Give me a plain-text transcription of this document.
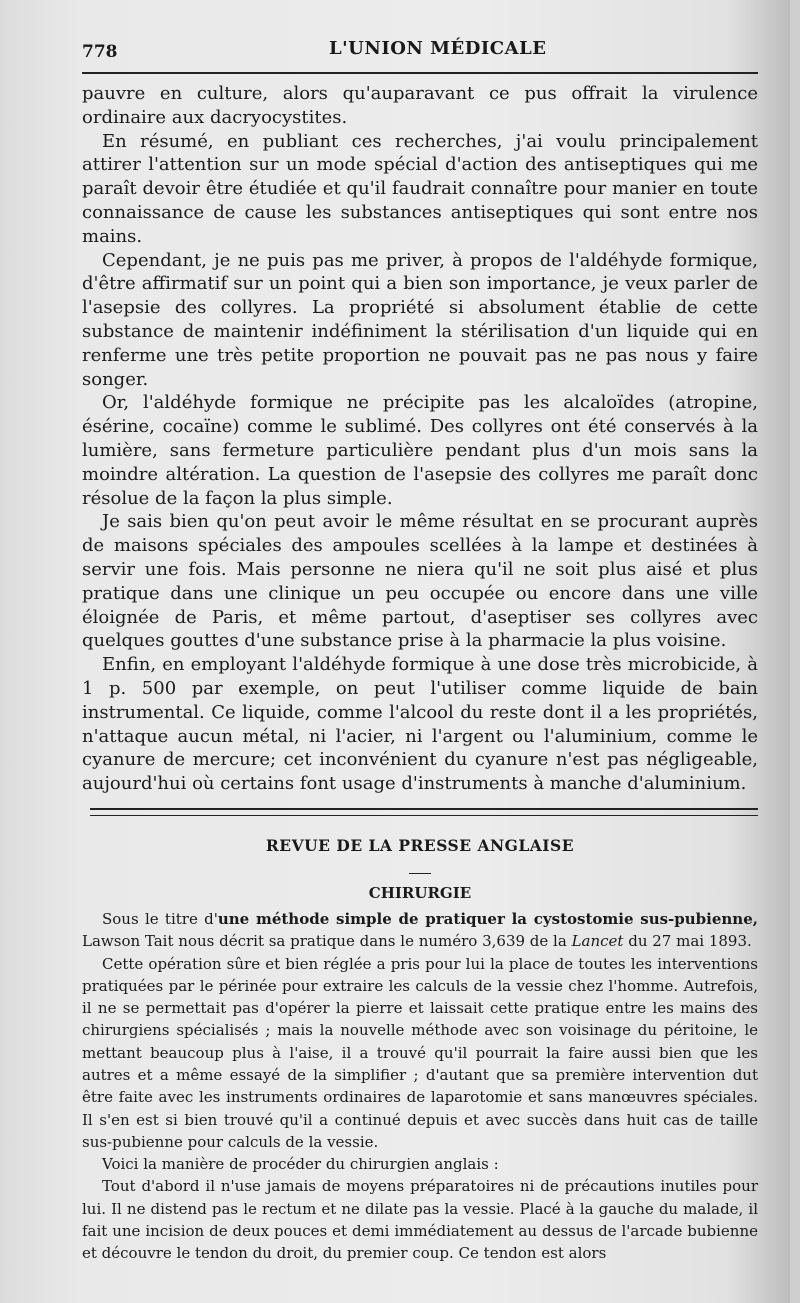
778	L'UNION MÉDICALE

pauvre en culture, alors qu'auparavant ce pus offrait la virulence ordinaire aux dacryocystites.

En résumé, en publiant ces recherches, j'ai voulu principalement attirer l'attention sur un mode spécial d'action des antiseptiques qui me paraît devoir être étudiée et qu'il faudrait connaître pour manier en toute connaissance de cause les substances antiseptiques qui sont entre nos mains.

Cependant, je ne puis pas me priver, à propos de l'aldéhyde formique, d'être affirmatif sur un point qui a bien son importance, je veux parler de l'asepsie des collyres. La propriété si absolument établie de cette substance de maintenir indéfiniment la stérilisation d'un liquide qui en renferme une très petite proportion ne pouvait pas ne pas nous y faire songer.

Or, l'aldéhyde formique ne précipite pas les alcaloïdes (atropine, ésérine, cocaïne) comme le sublimé. Des collyres ont été conservés à la lumière, sans fermeture particulière pendant plus d'un mois sans la moindre altération. La question de l'asepsie des collyres me paraît donc résolue de la façon la plus simple.

Je sais bien qu'on peut avoir le même résultat en se procurant auprès de maisons spéciales des ampoules scellées à la lampe et destinées à servir une fois. Mais personne ne niera qu'il ne soit plus aisé et plus pratique dans une clinique un peu occupée ou encore dans une ville éloignée de Paris, et même partout, d'aseptiser ses collyres avec quelques gouttes d'une substance prise à la pharmacie la plus voisine.

Enfin, en employant l'aldéhyde formique à une dose très microbicide, à 1 p. 500 par exemple, on peut l'utiliser comme liquide de bain instrumental. Ce liquide, comme l'alcool du reste dont il a les propriétés, n'attaque aucun métal, ni l'acier, ni l'argent ou l'aluminium, comme le cyanure de mercure; cet inconvénient du cyanure n'est pas négligeable, aujourd'hui où certains font usage d'instruments à manche d'aluminium.

REVUE DE LA PRESSE ANGLAISE
CHIRURGIE

Sous le titre d'une méthode simple de pratiquer la cystostomie sus-pubienne, Lawson Tait nous décrit sa pratique dans le numéro 3,639 de la Lancet du 27 mai 1893.

Cette opération sûre et bien réglée a pris pour lui la place de toutes les interventions pratiquées par le périnée pour extraire les calculs de la vessie chez l'homme. Autrefois, il ne se permettait pas d'opérer la pierre et laissait cette pratique entre les mains des chirurgiens spécialisés ; mais la nouvelle méthode avec son voisinage du péritoine, le mettant beaucoup plus à l'aise, il a trouvé qu'il pourrait la faire aussi bien que les autres et a même essayé de la simplifier ; d'autant que sa première intervention dut être faite avec les instruments ordinaires de laparotomie et sans manœuvres spéciales. Il s'en est si bien trouvé qu'il a continué depuis et avec succès dans huit cas de taille sus-pubienne pour calculs de la vessie.

Voici la manière de procéder du chirurgien anglais :

Tout d'abord il n'use jamais de moyens préparatoires ni de précautions inutiles pour lui. Il ne distend pas le rectum et ne dilate pas la vessie. Placé à la gauche du malade, il fait une incision de deux pouces et demi immédiatement au dessus de l'arcade bubienne et découvre le tendon du droit, du premier coup. Ce tendon est alors
